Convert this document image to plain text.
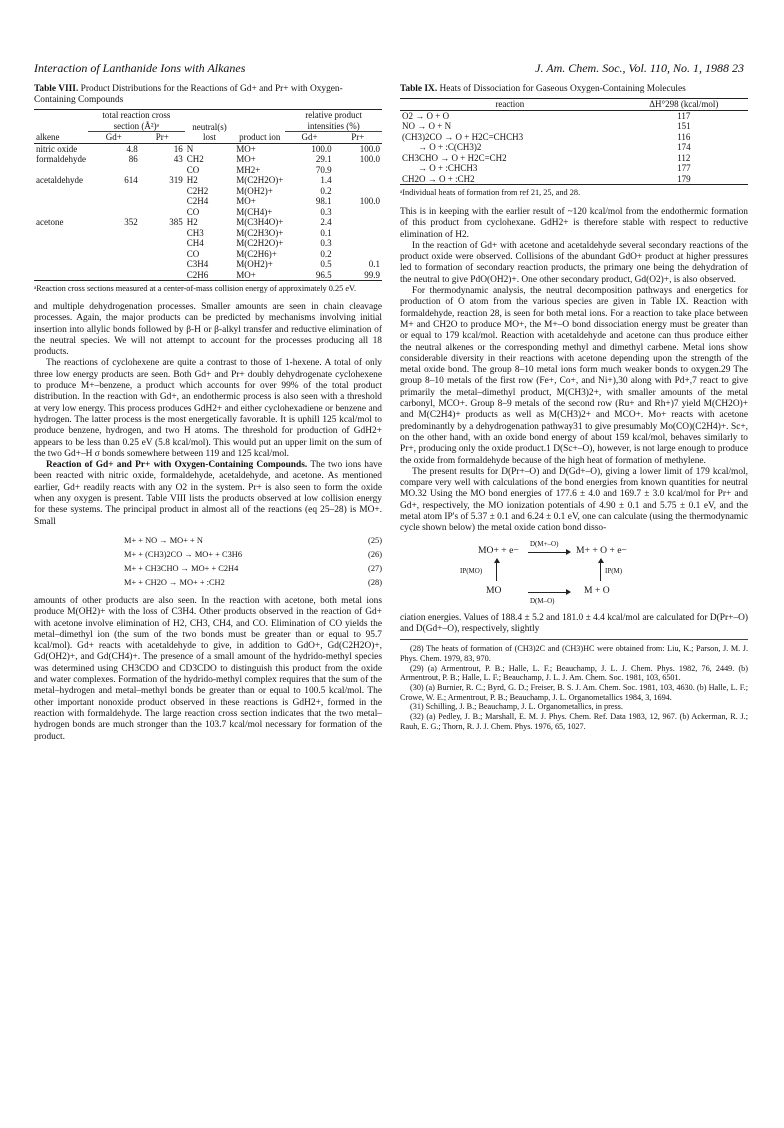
Interaction of Lanthanide Ions with Alkanes	J. Am. Chem. Soc., Vol. 110, No. 1, 1988 23
Table VIII. Product Distributions for the Reactions of Gd+ and Pr+ with Oxygen-Containing Compounds
alkene	total reaction cross section (Å²)ᵃ		neutral(s) lost	product ion	relative product intensities (%)	
	Gd+	Pr+			Gd+	Pr+
nitric oxide	4.8	16	N	MO+	100.0	100.0
formaldehyde	86	43	CH2	MO+	29.1	100.0
			CO	MH2+	70.9	
acetaldehyde	614	319	H2	M(C2H2O)+	1.4	
			C2H2	M(OH2)+	0.2	
			C2H4	MO+	98.1	100.0
			CO	M(CH4)+	0.3	
acetone	352	385	H2	M(C3H4O)+	2.4	
			CH3	M(C2H3O)+	0.1	
			CH4	M(C2H2O)+	0.3	
			CO	M(C2H6)+	0.2	
			C3H4	M(OH2)+	0.5	0.1
			C2H6	MO+	96.5	99.9
ᵃReaction cross sections measured at a center-of-mass collision energy of approximately 0.25 eV.

and multiple dehydrogenation processes. Smaller amounts are seen in chain cleavage processes. Again, the major products can be predicted by mechanisms involving initial insertion into allylic bonds followed by β-H or β-alkyl transfer and reductive elimination of the neutral species. We will not attempt to account for the processes producing all 18 products.

The reactions of cyclohexene are quite a contrast to those of 1-hexene. A total of only three low energy products are seen. Both Gd+ and Pr+ doubly dehydrogenate cyclohexene to produce M+–benzene, a product which accounts for over 99% of the total product distribution. In the reaction with Gd+, an endothermic process is also seen with a threshold at very low energy. This process produces GdH2+ and either cyclohexadiene or benzene and hydrogen. The latter process is the most energetically favorable. It is uphill 125 kcal/mol to produce benzene, hydrogen, and two H atoms. The threshold for production of GdH2+ appears to be less than 0.25 eV (5.8 kcal/mol). This would put an upper limit on the sum of the two Gd+–H σ bonds somewhere between 119 and 125 kcal/mol.

Reaction of Gd+ and Pr+ with Oxygen-Containing Compounds. The two ions have been reacted with nitric oxide, formaldehyde, acetaldehyde, and acetone. As mentioned earlier, Gd+ readily reacts with any O2 in the system. Pr+ is also seen to form the oxide when any oxygen is present. Table VIII lists the products observed at low collision energy for these systems. The principal product in almost all of the reactions (eq 25–28) is MO+. Small

M+ + NO → MO+ + N	(25)
M+ + (CH3)2CO → MO+ + C3H6	(26)
M+ + CH3CHO → MO+ + C2H4	(27)
M+ + CH2O → MO+ + :CH2	(28)

amounts of other products are also seen. In the reaction with acetone, both metal ions produce M(OH2)+ with the loss of C3H4. Other products observed in the reaction of Gd+ with acetone involve elimination of H2, CH3, CH4, and CO. Elimination of CO yields the metal–dimethyl ion (the sum of the two bonds must be greater than or equal to 95.7 kcal/mol). Gd+ reacts with acetaldehyde to give, in addition to GdO+, Gd(C2H2O)+, Gd(OH2)+, and Gd(CH4)+. The presence of a small amount of the hydrido-methyl species was determined using CH3CDO and CD3CDO to distinguish this product from the oxide and water complexes. Formation of the hydrido-methyl complex requires that the sum of the metal–hydrogen and metal–methyl bonds be greater than or equal to 100.5 kcal/mol. The other important nonoxide product observed in these reactions is GdH2+, formed in the reaction with formaldehyde. The large reaction cross section indicates that the two metal–hydrogen bonds are much stronger than the 103.7 kcal/mol necessary for formation of the product.

Table IX. Heats of Dissociation for Gaseous Oxygen-Containing Molecules
reaction	ΔH°298 (kcal/mol)
O2 → O + O	117
NO → O + N	151
(CH3)2CO → O + H2C=CHCH3	116
→ O + :C(CH3)2	174
CH3CHO → O + H2C=CH2	112
→ O + :CHCH3	177
CH2O → O + :CH2	179
ᵃIndividual heats of formation from ref 21, 25, and 28.

This is in keeping with the earlier result of ~120 kcal/mol from the endothermic formation of this product from cyclohexane. GdH2+ is therefore stable with respect to reductive elimination of H2.

In the reaction of Gd+ with acetone and acetaldehyde several secondary reactions of the product oxide were observed. Collisions of the abundant GdO+ product at higher pressures led to formation of secondary reaction products, the primary one being the dehydration of the neutral to give PdO(OH2)+. One other secondary product, Gd(O2)+, is also observed.

For thermodynamic analysis, the neutral decomposition pathways and energetics for production of O atom from the various species are given in Table IX. Reaction with formaldehyde, reaction 28, is seen for both metal ions. For a reaction to take place between M+ and CH2O to produce MO+, the M+–O bond dissociation energy must be greater than or equal to 179 kcal/mol. Reaction with acetaldehyde and acetone can thus produce either the neutral alkenes or the corresponding methyl and dimethyl carbene. Metal ions show considerable diversity in their reactions with acetone depending upon the strength of the metal oxide bond. The group 8–10 metal ions form much weaker bonds to oxygen.29 The group 8–10 metals of the first row (Fe+, Co+, and Ni+),30 along with Pd+,7 react to give primarily the metal–dimethyl product, M(CH3)2+, with smaller amounts of the metal carbonyl, MCO+. Group 8–9 metals of the second row (Ru+ and Rh+)7 yield M(CH2O)+ and M(C2H4)+ products as well as M(CH3)2+ and MCO+. Mo+ reacts with acetone predominantly by a dehydrogenation pathway31 to give presumably Mo(CO)(C2H4)+. Sc+, on the other hand, with an oxide bond energy of about 159 kcal/mol, behaves similarly to Pr+, producing only the oxide product.1 D(Sc+–O), however, is not large enough to produce the oxide from formaldehyde because of the high heat of formation of methylene.

The present results for D(Pr+–O) and D(Gd+–O), giving a lower limit of 179 kcal/mol, compare very well with calculations of the bond energies from known quantities for neutral MO.32 Using the MO bond energies of 177.6 ± 4.0 and 169.7 ± 3.0 kcal/mol for Pr+ and Gd+, respectively, the MO ionization potentials of 4.90 ± 0.1 and 5.75 ± 0.1 eV, and the metal atom IP's of 5.37 ± 0.1 and 6.24 ± 0.1 eV, one can calculate (using the thermodynamic cycle shown below) the metal oxide cation bond disso-

MO+ + e−
D(M+–O)
M+ + O + e−
IP(MO)	IP(M)
MO
D(M–O)
M + O

ciation energies. Values of 188.4 ± 5.2 and 181.0 ± 4.4 kcal/mol are calculated for D(Pr+–O) and D(Gd+–O), respectively, slightly

(28) The heats of formation of (CH3)2C and (CH3)HC were obtained from: Liu, K.; Parson, J. M. J. Phys. Chem. 1979, 83, 970.

(29) (a) Armentrout, P. B.; Halle, L. F.; Beauchamp, J. L. J. Chem. Phys. 1982, 76, 2449. (b) Armentrout, P. B.; Halle, L. F.; Beauchamp, J. L. J. Am. Chem. Soc. 1981, 103, 6501.

(30) (a) Burnier, R. C.; Byrd, G. D.; Freiser, B. S. J. Am. Chem. Soc. 1981, 103, 4630. (b) Halle, L. F.; Crowe, W. E.; Armentrout, P. B.; Beauchamp, J. L. Organometallics 1984, 3, 1694.

(31) Schilling, J. B.; Beauchamp, J. L. Organometallics, in press.

(32) (a) Pedley, J. B.; Marshall, E. M. J. Phys. Chem. Ref. Data 1983, 12, 967. (b) Ackerman, R. J.; Rauh, E. G.; Thorn, R. J. J. Chem. Phys. 1976, 65, 1027.
